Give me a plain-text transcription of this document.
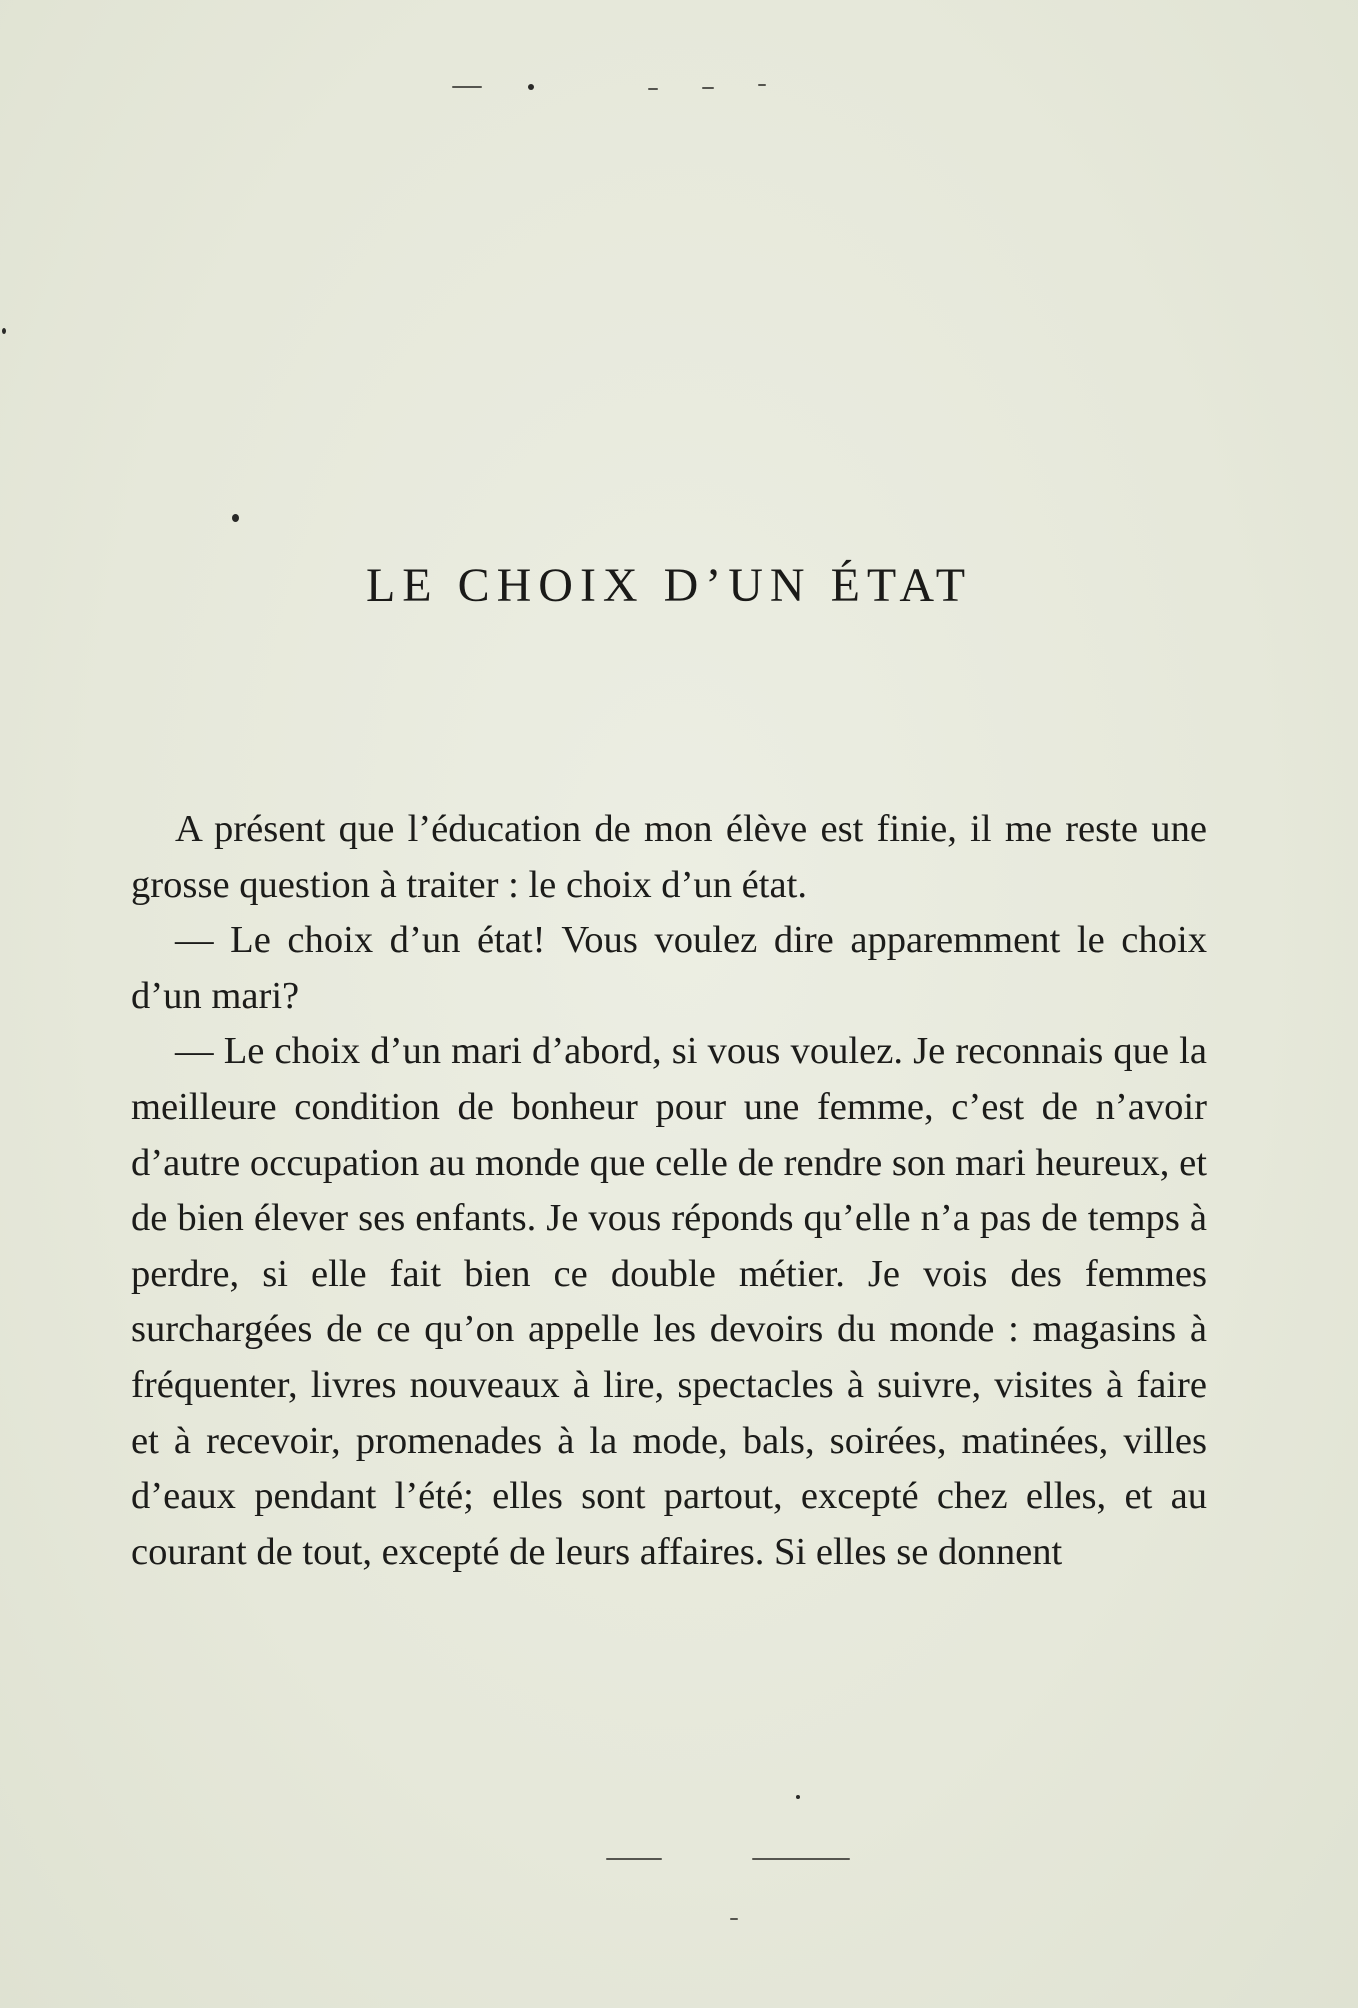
LE CHOIX D’UN ÉTAT

A présent que l’éducation de mon élève est finie, il me reste une grosse question à traiter : le choix d’un état.

— Le choix d’un état! Vous voulez dire apparemment le choix d’un mari?

— Le choix d’un mari d’abord, si vous voulez. Je reconnais que la meilleure condition de bonheur pour une femme, c’est de n’avoir d’autre occupation au monde que celle de rendre son mari heureux, et de bien élever ses enfants. Je vous réponds qu’elle n’a pas de temps à perdre, si elle fait bien ce double métier. Je vois des femmes surchargées de ce qu’on appelle les devoirs du monde : magasins à fréquenter, livres nouveaux à lire, spectacles à suivre, visites à faire et à recevoir, promenades à la mode, bals, soirées, matinées, villes d’eaux pendant l’été; elles sont partout, excepté chez elles, et au courant de tout, excepté de leurs affaires. Si elles se donnent
